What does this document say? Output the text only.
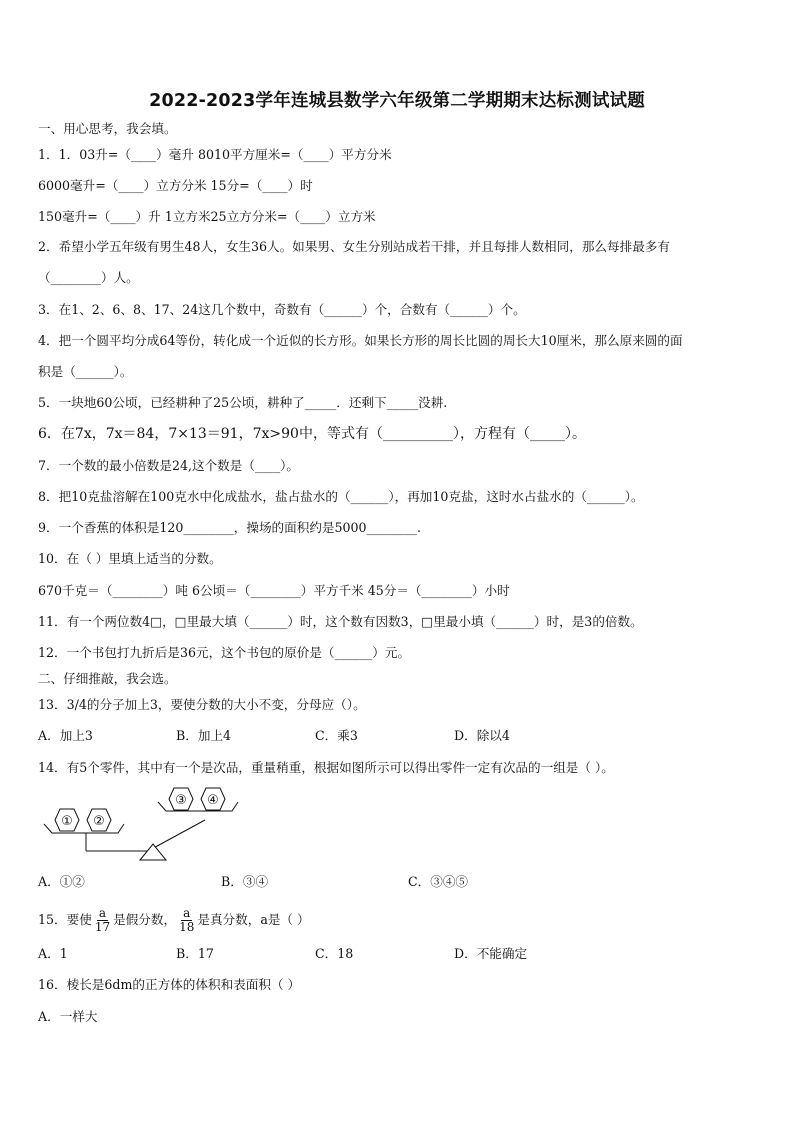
2022-2023学年连城县数学六年级第二学期期末达标测试试题
一、用心思考，我会填。
1．1．03升=（____）毫升 8010平方厘米=（____）平方分米
6000毫升=（____）立方分米 15分=（____）时
150毫升=（____）升 1立方米25立方分米=（____）立方米
2．希望小学五年级有男生48人，女生36人。如果男、女生分别站成若干排，并且每排人数相同，那么每排最多有
（________）人。
3．在1、2、6、8、17、24这几个数中，奇数有（______）个，合数有（______）个。
4．把一个圆平均分成64等份，转化成一个近似的长方形。如果长方形的周长比圆的周长大10厘米，那么原来圆的面
积是（______）。
5．一块地60公顷，已经耕种了25公顷，耕种了_____．还剩下_____没耕.
6．在7x，7x＝84，7×13＝91，7x>90中，等式有（__________），方程有（_____）。
7．一个数的最小倍数是24,这个数是（____）。
8．把10克盐溶解在100克水中化成盐水，盐占盐水的（______），再加10克盐，这时水占盐水的（______）。
9．一个香蕉的体积是120________，操场的面积约是5000________.
10．在（ ）里填上适当的分数。
670千克＝（________）吨 6公顷＝（________）平方千米 45分＝（________）小时
11．有一个两位数4□，□里最大填（______）时，这个数有因数3，□里最小填（______）时，是3的倍数。
12．一个书包打九折后是36元，这个书包的原价是（______）元。
二、仔细推敲，我会选。
13．3/4的分子加上3，要使分数的大小不变，分母应（）。
A．加上3	B．加上4	C．乘3	D．除以4
14．有5个零件，其中有一个是次品，重量稍重，根据如图所示可以得出零件一定有次品的一组是（ ）。
① ②
③ ④
A．①②	B．③④	C．③④⑤
15．要使 $\frac{a}{17}$ 是假分数， $\frac{a}{18}$ 是真分数，a是（ ）
A．1	B．17	C．18	D．不能确定
16．棱长是6dm的正方体的体积和表面积（ ）
A．一样大
